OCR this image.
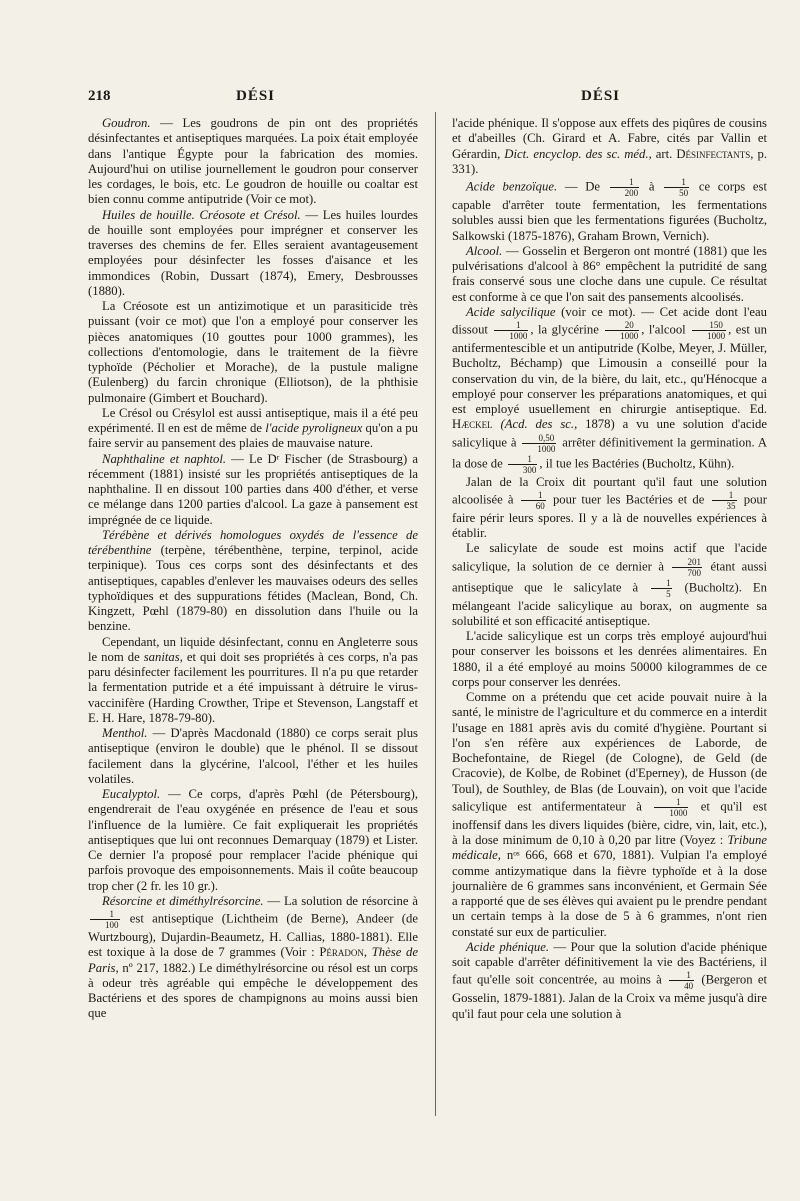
218	DÉSI	DÉSI

Goudron. — Les goudrons de pin ont des propriétés désinfectantes et antiseptiques marquées. La poix était employée dans l'antique Égypte pour la fabrication des momies. Aujourd'hui on utilise journellement le goudron pour conserver les cordages, le bois, etc. Le goudron de houille ou coaltar est bien connu comme antiputride (Voir ce mot).

Huiles de houille. Créosote et Crésol. — Les huiles lourdes de houille sont employées pour imprégner et conserver les traverses des chemins de fer. Elles seraient avantageusement employées pour désinfecter les fosses d'aisance et les immondices (Robin, Dussart (1874), Emery, Desbrousses (1880).

La Créosote est un antizimotique et un parasiticide très puissant (voir ce mot) que l'on a employé pour conserver les pièces anatomiques (10 gouttes pour 1000 grammes), les collections d'entomologie, dans le traitement de la fièvre typhoïde (Pécholier et Morache), de la pustule maligne (Eulenberg) du farcin chronique (Elliotson), de la phthisie pulmonaire (Gimbert et Bouchard).

Le Crésol ou Crésylol est aussi antiseptique, mais il a été peu expérimenté. Il en est de même de l'acide pyroligneux qu'on a pu faire servir au pansement des plaies de mauvaise nature.

Naphthaline et naphtol. — Le Dʳ Fischer (de Strasbourg) a récemment (1881) insisté sur les propriétés antiseptiques de la naphthaline. Il en dissout 100 parties dans 400 d'éther, et verse ce mélange dans 1200 parties d'alcool. La gaze à pansement est imprégnée de ce liquide.

Térébène et dérivés homologues oxydés de l'essence de térébenthine (terpène, térébenthène, terpine, terpinol, acide terpinique). Tous ces corps sont des désinfectants et des antiseptiques, capables d'enlever les mauvaises odeurs des selles typhoïdiques et des suppurations fétides (Maclean, Bond, Ch. Kingzett, Pœhl (1879-80) en dissolution dans l'huile ou la benzine.

Cependant, un liquide désinfectant, connu en Angleterre sous le nom de sanitas, et qui doit ses propriétés à ces corps, n'a pas paru désinfecter facilement les pourritures. Il n'a pu que retarder la fermentation putride et a été impuissant à détruire le virus-vaccinifère (Harding Crowther, Tripe et Stevenson, Langstaff et E. H. Hare, 1878-79-80).

Menthol. — D'après Macdonald (1880) ce corps serait plus antiseptique (environ le double) que le phénol. Il se dissout facilement dans la glycérine, l'alcool, l'éther et les huiles volatiles.

Eucalyptol. — Ce corps, d'après Pœhl (de Pétersbourg), engendrerait de l'eau oxygénée en présence de l'eau et sous l'influence de la lumière. Ce fait expliquerait les propriétés antiseptiques que lui ont reconnues Demarquay (1879) et Lister. Ce dernier l'a proposé pour remplacer l'acide phénique qui parfois provoque des empoisonnements. Mais il coûte beaucoup trop cher (2 fr. les 10 gr.).

Résorcine et diméthylrésorcine. — La solution de résorcine à
$\frac{1}{100}$ est antiseptique (Lichtheim (de Berne), Andeer (de Wurtzbourg), Dujardin-Beaumetz, H. Callias, 1880-1881). Elle est toxique à la dose de 7 grammes (Voir : Péradon, Thèse de Paris, nº 217, 1882.) Le diméthylrésorcine ou résol est un corps à odeur très agréable qui empêche le développement des Bactériens et des spores de champignons au moins aussi bien que

l'acide phénique. Il s'oppose aux effets des piqûres de cousins et d'abeilles (Ch. Girard et A. Fabre, cités par Vallin et Gérardin, Dict. encyclop. des sc. méd., art. Désinfectants, p. 331).

Acide benzoïque. — De $\frac{1}{200}$ à $\frac{1}{50}$ ce corps est capable d'arrêter toute fermentation, les fermentations solubles aussi bien que les fermentations figurées (Bucholtz, Salkowski (1875-1876), Graham Brown, Vernich).

Alcool. — Gosselin et Bergeron ont montré (1881) que les pulvérisations d'alcool à 86° empêchent la putridité de sang frais conservé sous une cloche dans une cupule. Ce résultat est conforme à ce que l'on sait des pansements alcoolisés.

Acide salycilique (voir ce mot). — Cet acide dont l'eau dissout $\frac{1}{1000}$ , la glycérine $\frac{20}{1000}$ , l'alcool $\frac{150}{1000}$ , est un antifermentescible et un antiputride (Kolbe, Meyer, J. Müller, Bucholtz, Béchamp) que Limousin a conseillé pour la conservation du vin, de la bière, du lait, etc., qu'Hénocque a employé pour conserver les préparations anatomiques, et qui est employé usuellement en chirurgie antiseptique. Ed. Hæckel (Acd. des sc., 1878) a vu une solution d'acide salicylique à $\frac{0,50}{1000}$ arrêter définitivement la germination. A la dose de $\frac{1}{300}$ , il tue les Bactéries (Bucholtz, Kühn).

Jalan de la Croix dit pourtant qu'il faut une solution alcoolisée à $\frac{1}{60}$ pour tuer les Bactéries et de $\frac{1}{35}$ pour faire périr leurs spores. Il y a là de nouvelles expériences à établir.

Le salicylate de soude est moins actif que l'acide salicylique, la solution de ce dernier à $\frac{201}{700}$ étant aussi antiseptique que le salicylate à $\frac{1}{5}$ (Bucholtz). En mélangeant l'acide salicylique au borax, on augmente sa solubilité et son efficacité antiseptique.

L'acide salicylique est un corps très employé aujourd'hui pour conserver les boissons et les denrées alimentaires. En 1880, il a été employé au moins 50000 kilogrammes de ce corps pour conserver les denrées.

Comme on a prétendu que cet acide pouvait nuire à la santé, le ministre de l'agriculture et du commerce en a interdit l'usage en 1881 après avis du comité d'hygiène. Pourtant si l'on s'en réfère aux expériences de Laborde, de Bochefontaine, de Riegel (de Cologne), de Geld (de Cracovie), de Kolbe, de Robinet (d'Eperney), de Husson (de Toul), de Southley, de Blas (de Louvain), on voit que l'acide salicylique est antifermentateur à $\frac{1}{1000}$ et qu'il est inoffensif dans les divers liquides (bière, cidre, vin, lait, etc.), à la dose minimum de 0,10 à 0,20 par litre (Voyez : Tribune médicale, nᵒˢ 666, 668 et 670, 1881). Vulpian l'a employé comme antizymatique dans la fièvre typhoïde et à la dose journalière de 6 grammes sans inconvénient, et Germain Sée a rapporté que de ses élèves qui avaient pu le prendre pendant un certain temps à la dose de 5 à 6 grammes, n'ont rien constaté sur eux de particulier.

Acide phénique. — Pour que la solution d'acide phénique soit capable d'arrêter définitivement la vie des Bactériens, il faut qu'elle soit concentrée, au moins à $\frac{1}{40}$ (Bergeron et Gosselin, 1879-1881). Jalan de la Croix va même jusqu'à dire qu'il faut pour cela une solution à
